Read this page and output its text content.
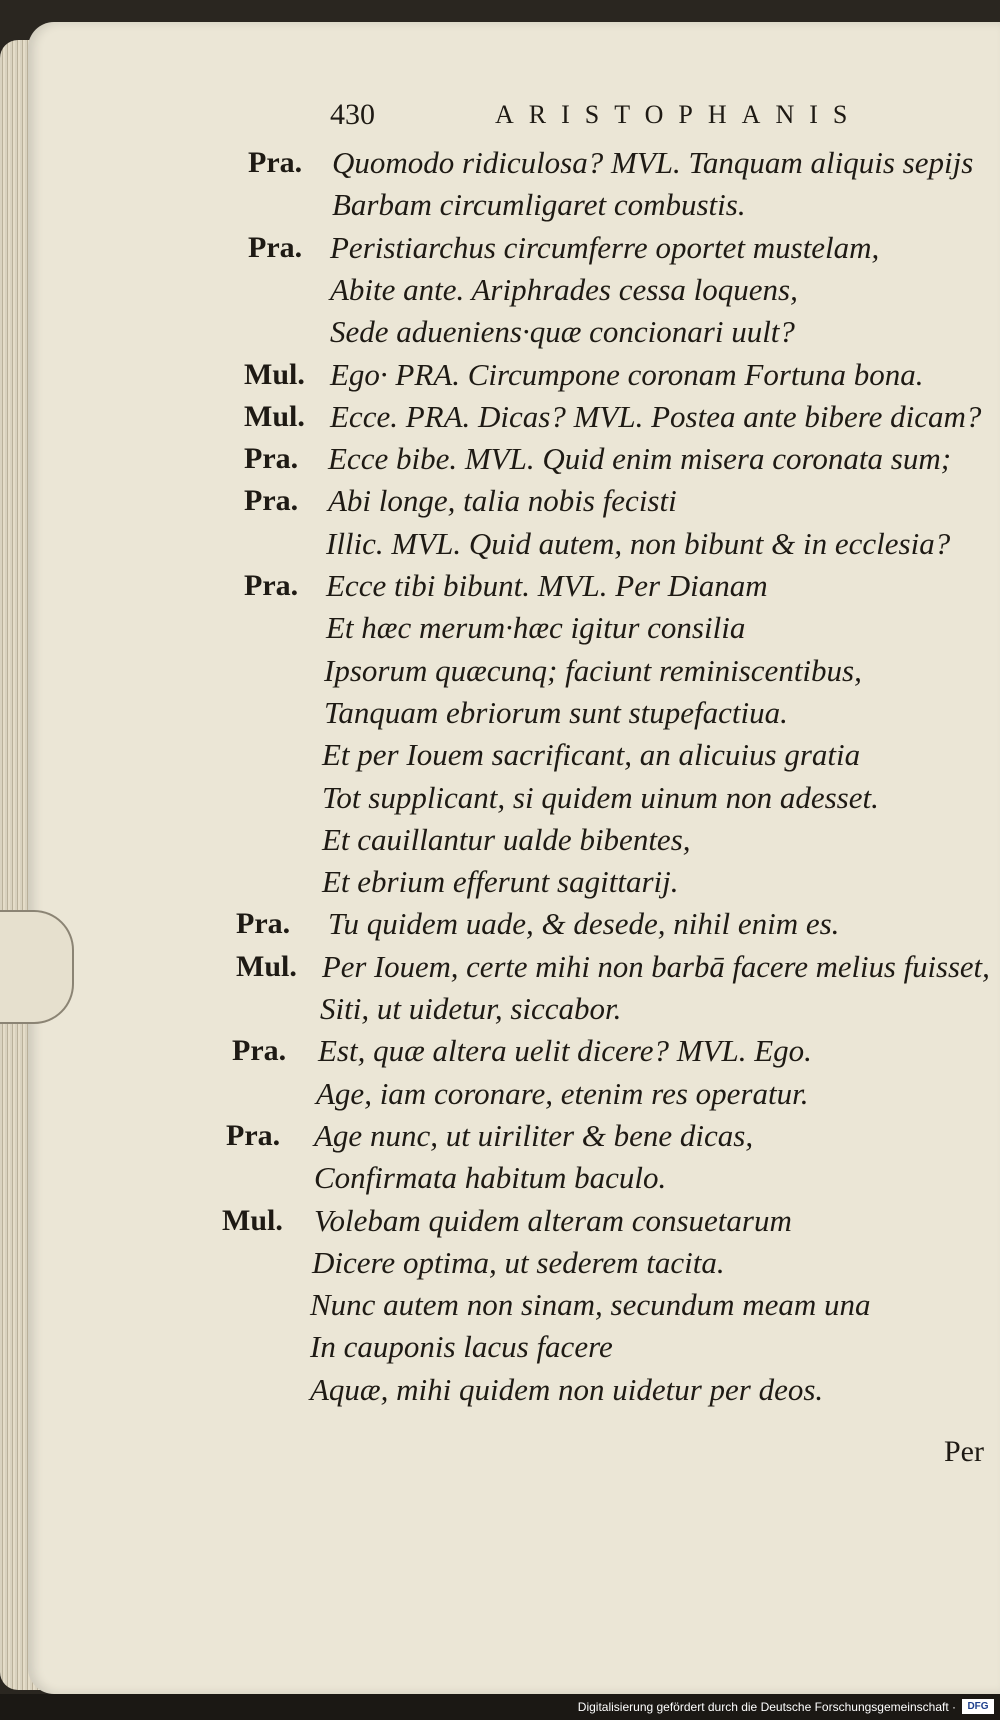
430	ARISTOPHANIS
Pra. Quomodo ridiculosa? MVL. Tanquam aliquis sepijs
Barbam circumligaret combustis.
Pra. Peristiarchus circumferre oportet mustelam,
Abite ante. Ariphrades cessa loquens,
Sede aduenіens·quæ concionari uult?
Mul. Ego· PRA. Circumpone coronam Fortuna bona.
Mul. Ecce. PRA. Dicas? MVL. Postea ante bibere dicam?
Pra. Ecce bibe. MVL. Quid enim misera coronata sum;
Pra. Abi longe, talia nobis fecisti
Illic. MVL. Quid autem, non bibunt & in ecclesia?
Pra. Ecce tibi bibunt. MVL. Per Dianam
Et hæc merum·hæc igitur consilia
Ipsorum quæcunq; faciunt reminiscentibus,
Tanquam ebriorum sunt stupefactiua.
Et per Iouem sacrificant, an alicuius gratia
Tot supplicant, si quidem uinum non adesset.
Et cauillantur ualde bibentes,
Et ebrium efferunt sagittarij.
Pra. Tu quidem uade, & desede, nihil enim es.
Mul. Per Iouem, certe mihi non barbā facere melius fuisset,
Siti, ut uidetur, siccabor.
Pra. Est, quæ altera uelit dicere? MVL. Ego.
Age, iam coronare, etenim res operatur.
Pra. Age nunc, ut uiriliter & bene dicas,
Confirmata habitum baculo.
Mul. Volebam quidem alteram consuetarum
Dicere optima, ut sederem tacita.
Nunc autem non sinam, secundum meam una
In cauponis lacus facere
Aquæ, mihi quidem non uidetur per deos.
Per
Digitalisierung gefördert durch die Deutsche Forschungsgemeinschaft ·	DFG
